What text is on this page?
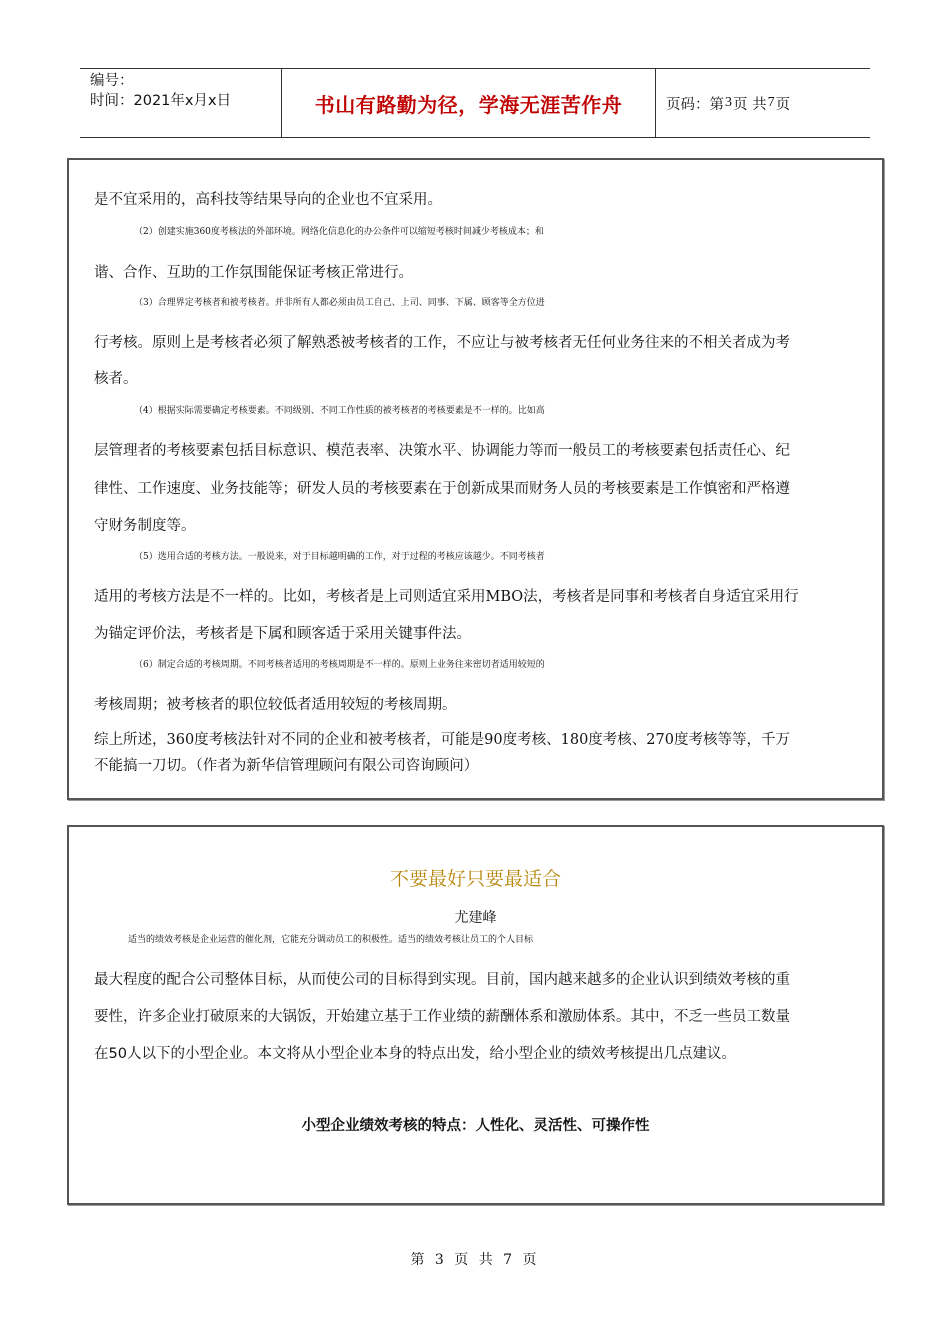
编号：
时间：2021年x月x日	书山有路勤为径，学海无涯苦作舟	页码：第 3 页 共 7 页

是不宜采用的，高科技等结果导向的企业也不宜采用。

（2）创建实施360度考核法的外部环境。网络化信息化的办公条件可以缩短考核时间减少考核成本；和

谐、合作、互助的工作氛围能保证考核正常进行。

（3）合理界定考核者和被考核者。并非所有人都必须由员工自己、上司、同事、下属、顾客等全方位进

行考核。原则上是考核者必须了解熟悉被考核者的工作，不应让与被考核者无任何业务往来的不相关者成为考

核者。

（4）根据实际需要确定考核要素。不同级别、不同工作性质的被考核者的考核要素是不一样的。比如高

层管理者的考核要素包括目标意识、模范表率、决策水平、协调能力等而一般员工的考核要素包括责任心、纪

律性、工作速度、业务技能等；研发人员的考核要素在于创新成果而财务人员的考核要素是工作慎密和严格遵

守财务制度等。

（5）选用合适的考核方法。一般说来，对于目标越明确的工作，对于过程的考核应该越少。不同考核者

适用的考核方法是不一样的。比如，考核者是上司则适宜采用MBO法，考核者是同事和考核者自身适宜采用行

为锚定评价法，考核者是下属和顾客适于采用关键事件法。

（6）制定合适的考核周期。不同考核者适用的考核周期是不一样的。原则上业务往来密切者适用较短的

考核周期；被考核者的职位较低者适用较短的考核周期。

综上所述，360度考核法针对不同的企业和被考核者，可能是90度考核、180度考核、270度考核等等，千万

不能搞一刀切。（作者为新华信管理顾问有限公司咨询顾问）

不要最好只要最适合
尤建峰

适当的绩效考核是企业运营的催化剂，它能充分调动员工的积极性。适当的绩效考核让员工的个人目标

最大程度的配合公司整体目标，从而使公司的目标得到实现。目前，国内越来越多的企业认识到绩效考核的重

要性，许多企业打破原来的大锅饭，开始建立基于工作业绩的薪酬体系和激励体系。其中，不乏一些员工数量

在50人以下的小型企业。本文将从小型企业本身的特点出发，给小型企业的绩效考核提出几点建议。

小型企业绩效考核的特点：人性化、灵活性、可操作性
第 3 页 共 7 页
